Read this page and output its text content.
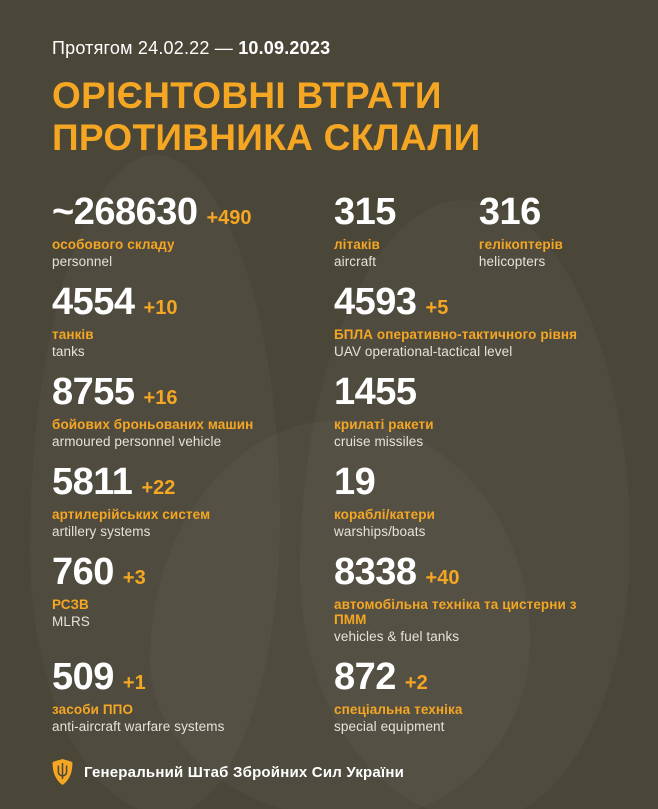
Протягом 24.02.22 — 10.09.2023
ОРІЄНТОВНІ ВТРАТИ
ПРОТИВНИКА СКЛАЛИ
~268630 +490
особового складу
personnel
315
літаків
aircraft
316
гелікоптерів
helicopters
4554 +10
танків
tanks
4593 +5
БПЛА оперативно-тактичного рівня
UAV operational-tactical level
8755 +16
бойових броньованих машин
armoured personnel vehicle
1455
крилаті ракети
cruise missiles
5811 +22
артилерійських систем
artillery systems
19
кораблі/катери
warships/boats
760 +3
РСЗВ
MLRS
8338 +40
автомобільна техніка та цистерни з ПММ
vehicles & fuel tanks
509 +1
засоби ППО
anti-aircraft warfare systems
872 +2
спеціальна техніка
special equipment
Генеральний Штаб Збройних Сил України
